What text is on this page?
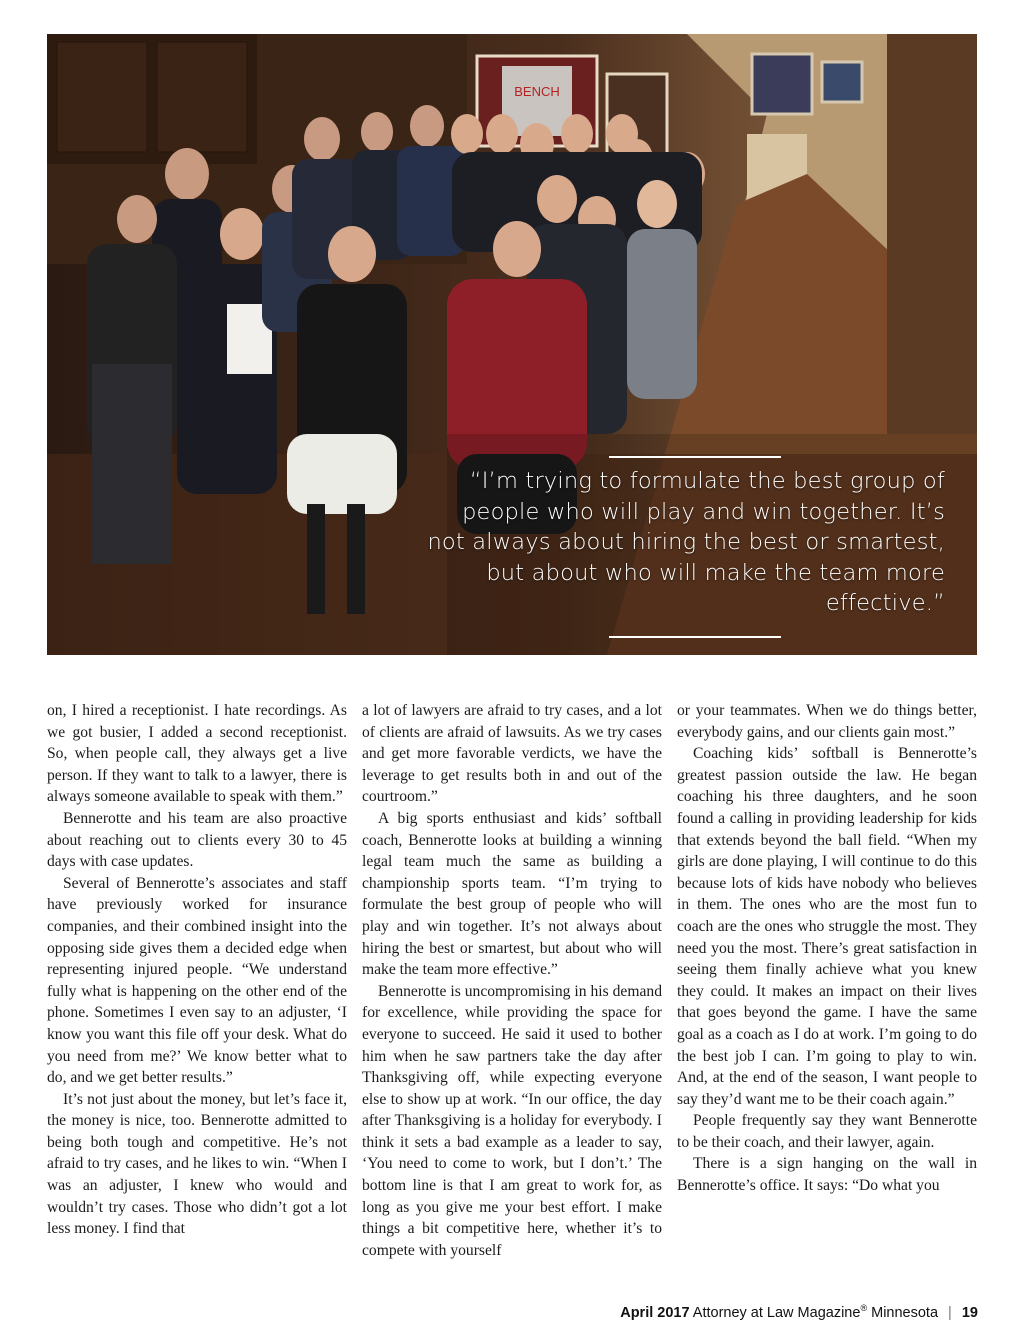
BENCH
“I’m trying to formulate the best group of people who will play and win together. It’s not always about hiring the best or smartest, but about who will make the team more effective.”

on, I hired a receptionist. I hate recordings. As we got busier, I added a second receptionist. So, when people call, they always get a live person. If they want to talk to a lawyer, there is always someone available to speak with them.”

Bennerotte and his team are also proactive about reaching out to clients every 30 to 45 days with case updates.

Several of Bennerotte’s associates and staff have previously worked for insurance companies, and their combined insight into the opposing side gives them a decided edge when representing injured people. “We understand fully what is happening on the other end of the phone. Sometimes I even say to an adjuster, ‘I know you want this file off your desk. What do you need from me?’ We know better what to do, and we get better results.”

It’s not just about the money, but let’s face it, the money is nice, too. Bennerotte admitted to being both tough and competitive. He’s not afraid to try cases, and he likes to win. “When I was an adjuster, I knew who would and wouldn’t try cases. Those who didn’t got a lot less money. I find that

a lot of lawyers are afraid to try cases, and a lot of clients are afraid of lawsuits. As we try cases and get more favorable verdicts, we have the leverage to get results both in and out of the courtroom.”

A big sports enthusiast and kids’ softball coach, Bennerotte looks at building a winning legal team much the same as building a championship sports team. “I’m trying to formulate the best group of people who will play and win together. It’s not always about hiring the best or smartest, but about who will make the team more effective.”

Bennerotte is uncompromising in his demand for excellence, while providing the space for everyone to succeed. He said it used to bother him when he saw partners take the day after Thanksgiving off, while expecting everyone else to show up at work. “In our office, the day after Thanksgiving is a holiday for everybody. I think it sets a bad example as a leader to say, ‘You need to come to work, but I don’t.’ The bottom line is that I am great to work for, as long as you give me your best effort. I make things a bit competitive here, whether it’s to compete with yourself

or your teammates. When we do things better, everybody gains, and our clients gain most.”

Coaching kids’ softball is Bennerotte’s greatest passion outside the law. He began coaching his three daughters, and he soon found a calling in providing leadership for kids that extends beyond the ball field. “When my girls are done playing, I will continue to do this because lots of kids have nobody who believes in them. The ones who are the most fun to coach are the ones who struggle the most. They need you the most. There’s great satisfaction in seeing them finally achieve what you knew they could. It makes an impact on their lives that goes beyond the game. I have the same goal as a coach as I do at work. I’m going to do the best job I can. I’m going to play to win. And, at the end of the season, I want people to say they’d want me to be their coach again.”

People frequently say they want Bennerotte to be their coach, and their lawyer, again.

There is a sign hanging on the wall in Bennerotte’s office. It says: “Do what you

April 2017 Attorney at Law Magazine® Minnesota | 19
